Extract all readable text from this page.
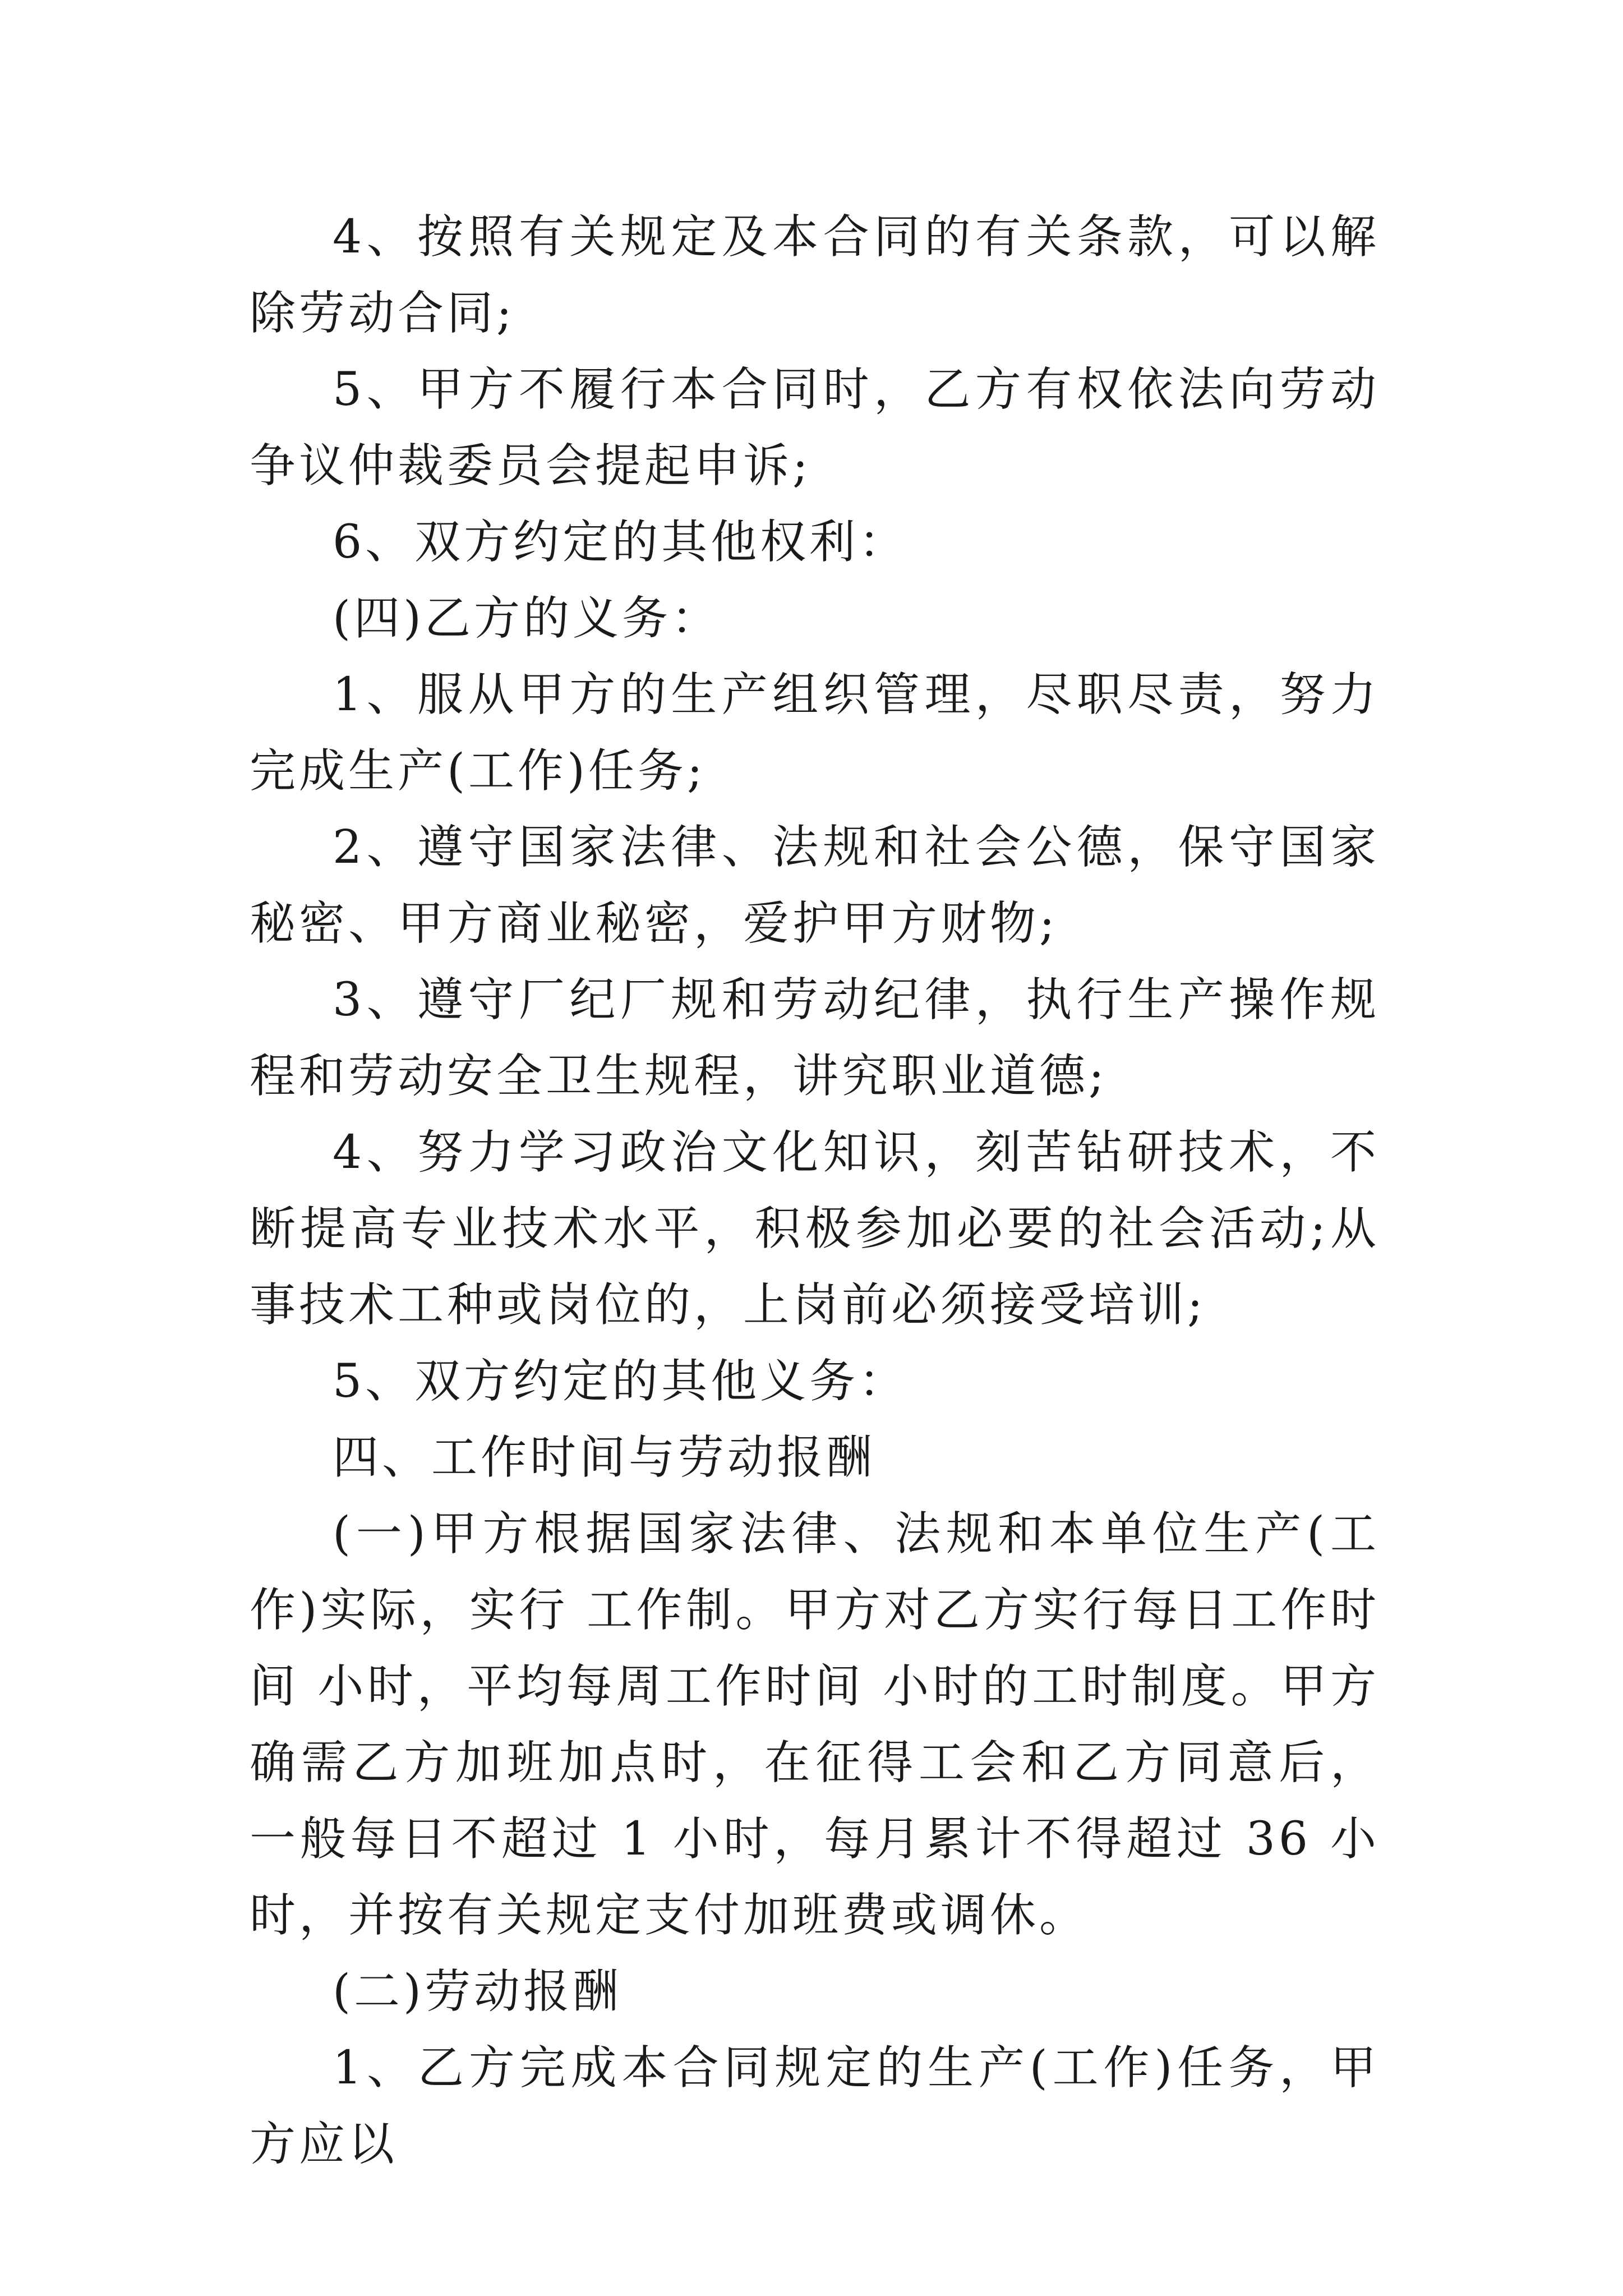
4、按照有关规定及本合同的有关条款，可以解除劳动合同;

5、甲方不履行本合同时，乙方有权依法向劳动争议仲裁委员会提起申诉;

6、双方约定的其他权利：

(四)乙方的义务：

1、服从甲方的生产组织管理，尽职尽责，努力完成生产(工作)任务;

2、遵守国家法律、法规和社会公德，保守国家秘密、甲方商业秘密，爱护甲方财物;

3、遵守厂纪厂规和劳动纪律，执行生产操作规程和劳动安全卫生规程，讲究职业道德;

4、努力学习政治文化知识，刻苦钻研技术，不断提高专业技术水平，积极参加必要的社会活动;从事技术工种或岗位的，上岗前必须接受培训;

5、双方约定的其他义务：

四、工作时间与劳动报酬

(一)甲方根据国家法律、法规和本单位生产(工作)实际，实行 工作制。甲方对乙方实行每日工作时间 小时，平均每周工作时间 小时的工时制度。甲方确需乙方加班加点时，在征得工会和乙方同意后，一般每日不超过 1 小时，每月累计不得超过 36 小时，并按有关规定支付加班费或调休。

(二)劳动报酬

1、乙方完成本合同规定的生产(工作)任务，甲方应以
